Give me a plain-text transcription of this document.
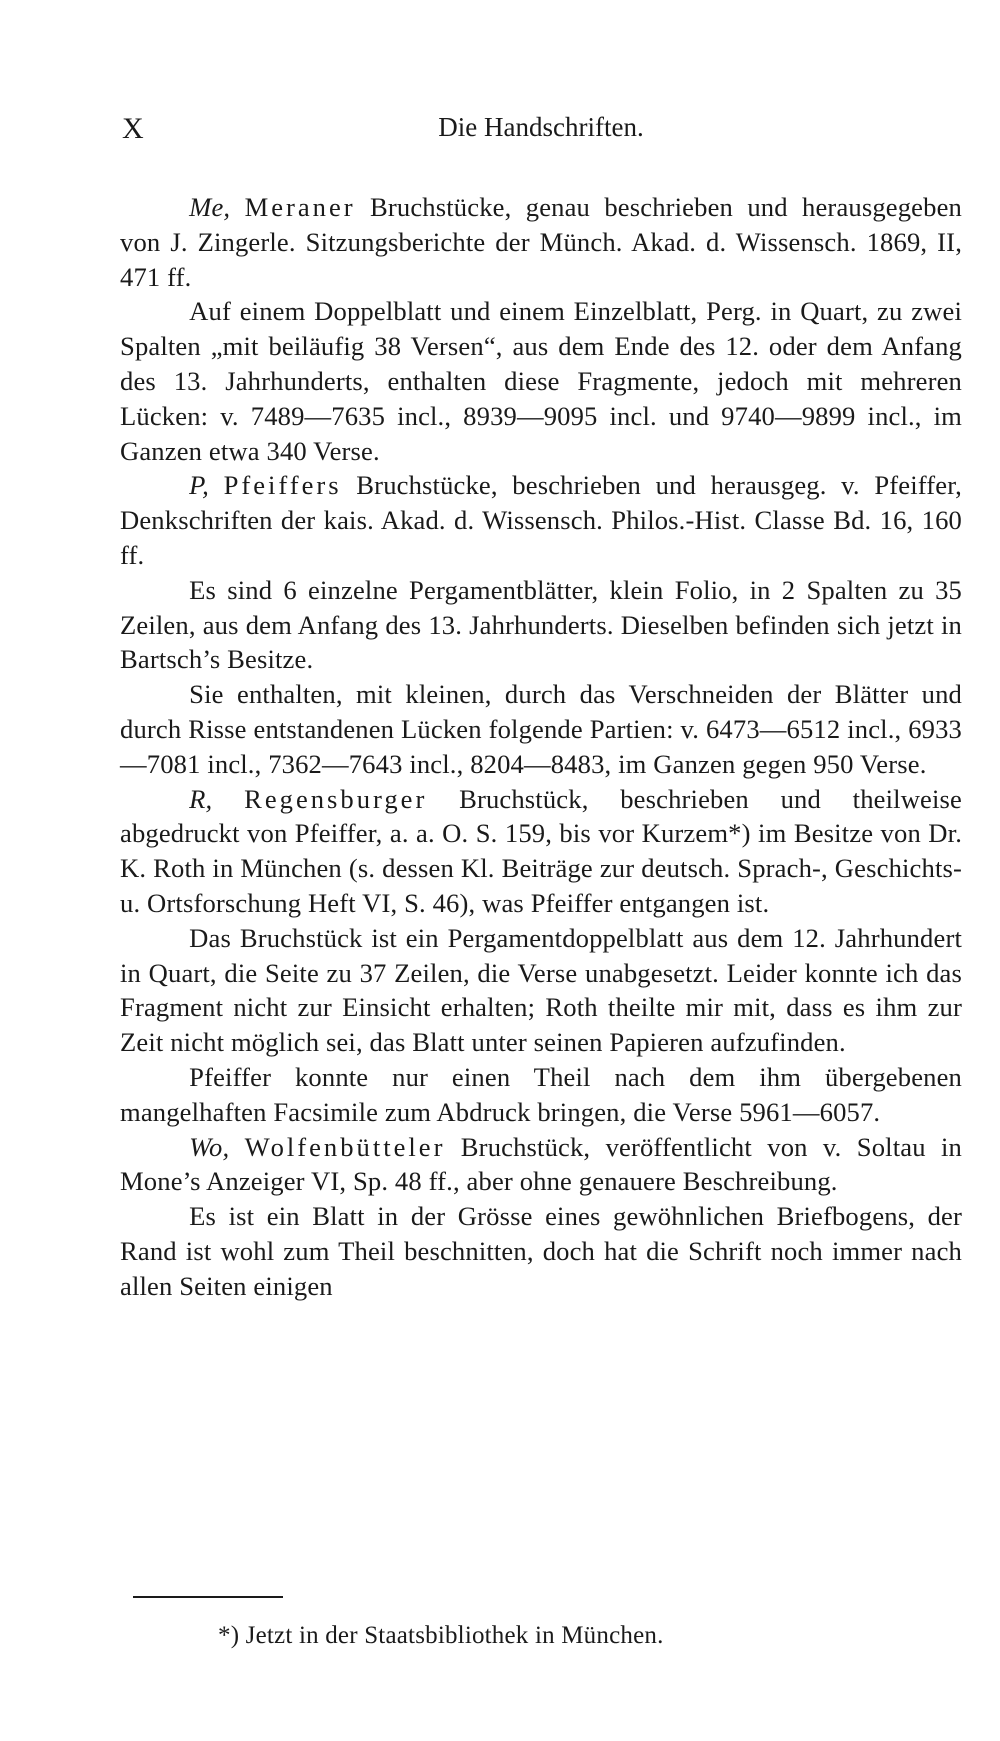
X	Die Handschriften.

Me, Meraner Bruchstücke, genau beschrieben und herausgegeben von J. Zingerle. Sitzungsberichte der Münch. Akad. d. Wissensch. 1869, II, 471 ff.

Auf einem Doppelblatt und einem Einzelblatt, Perg. in Quart, zu zwei Spalten „mit beiläufig 38 Versen“, aus dem Ende des 12. oder dem Anfang des 13. Jahrhunderts, enthalten diese Fragmente, jedoch mit mehreren Lücken: v. 7489—7635 incl., 8939—9095 incl. und 9740—9899 incl., im Ganzen etwa 340 Verse.

P, Pfeiffers Bruchstücke, beschrieben und herausgeg. v. Pfeiffer, Denkschriften der kais. Akad. d. Wissensch. Philos.-Hist. Classe Bd. 16, 160 ff.

Es sind 6 einzelne Pergamentblätter, klein Folio, in 2 Spalten zu 35 Zeilen, aus dem Anfang des 13. Jahrhunderts. Dieselben befinden sich jetzt in Bartsch’s Besitze.

Sie enthalten, mit kleinen, durch das Verschneiden der Blätter und durch Risse entstandenen Lücken folgende Partien: v. 6473—6512 incl., 6933—7081 incl., 7362—7643 incl., 8204—8483, im Ganzen gegen 950 Verse.

R, Regensburger Bruchstück, beschrieben und theilweise abgedruckt von Pfeiffer, a. a. O. S. 159, bis vor Kurzem*) im Besitze von Dr. K. Roth in München (s. dessen Kl. Beiträge zur deutsch. Sprach-, Geschichts- u. Ortsforschung Heft VI, S. 46), was Pfeiffer entgangen ist.

Das Bruchstück ist ein Pergamentdoppelblatt aus dem 12. Jahrhundert in Quart, die Seite zu 37 Zeilen, die Verse unabgesetzt. Leider konnte ich das Fragment nicht zur Einsicht erhalten; Roth theilte mir mit, dass es ihm zur Zeit nicht möglich sei, das Blatt unter seinen Papieren aufzufinden.

Pfeiffer konnte nur einen Theil nach dem ihm übergebenen mangelhaften Facsimile zum Abdruck bringen, die Verse 5961—6057.

Wo, Wolfenbütteler Bruchstück, veröffentlicht von v. Soltau in Mone’s Anzeiger VI, Sp. 48 ff., aber ohne genauere Beschreibung.

Es ist ein Blatt in der Grösse eines gewöhnlichen Briefbogens, der Rand ist wohl zum Theil beschnitten, doch hat die Schrift noch immer nach allen Seiten einigen

*) Jetzt in der Staatsbibliothek in München.
